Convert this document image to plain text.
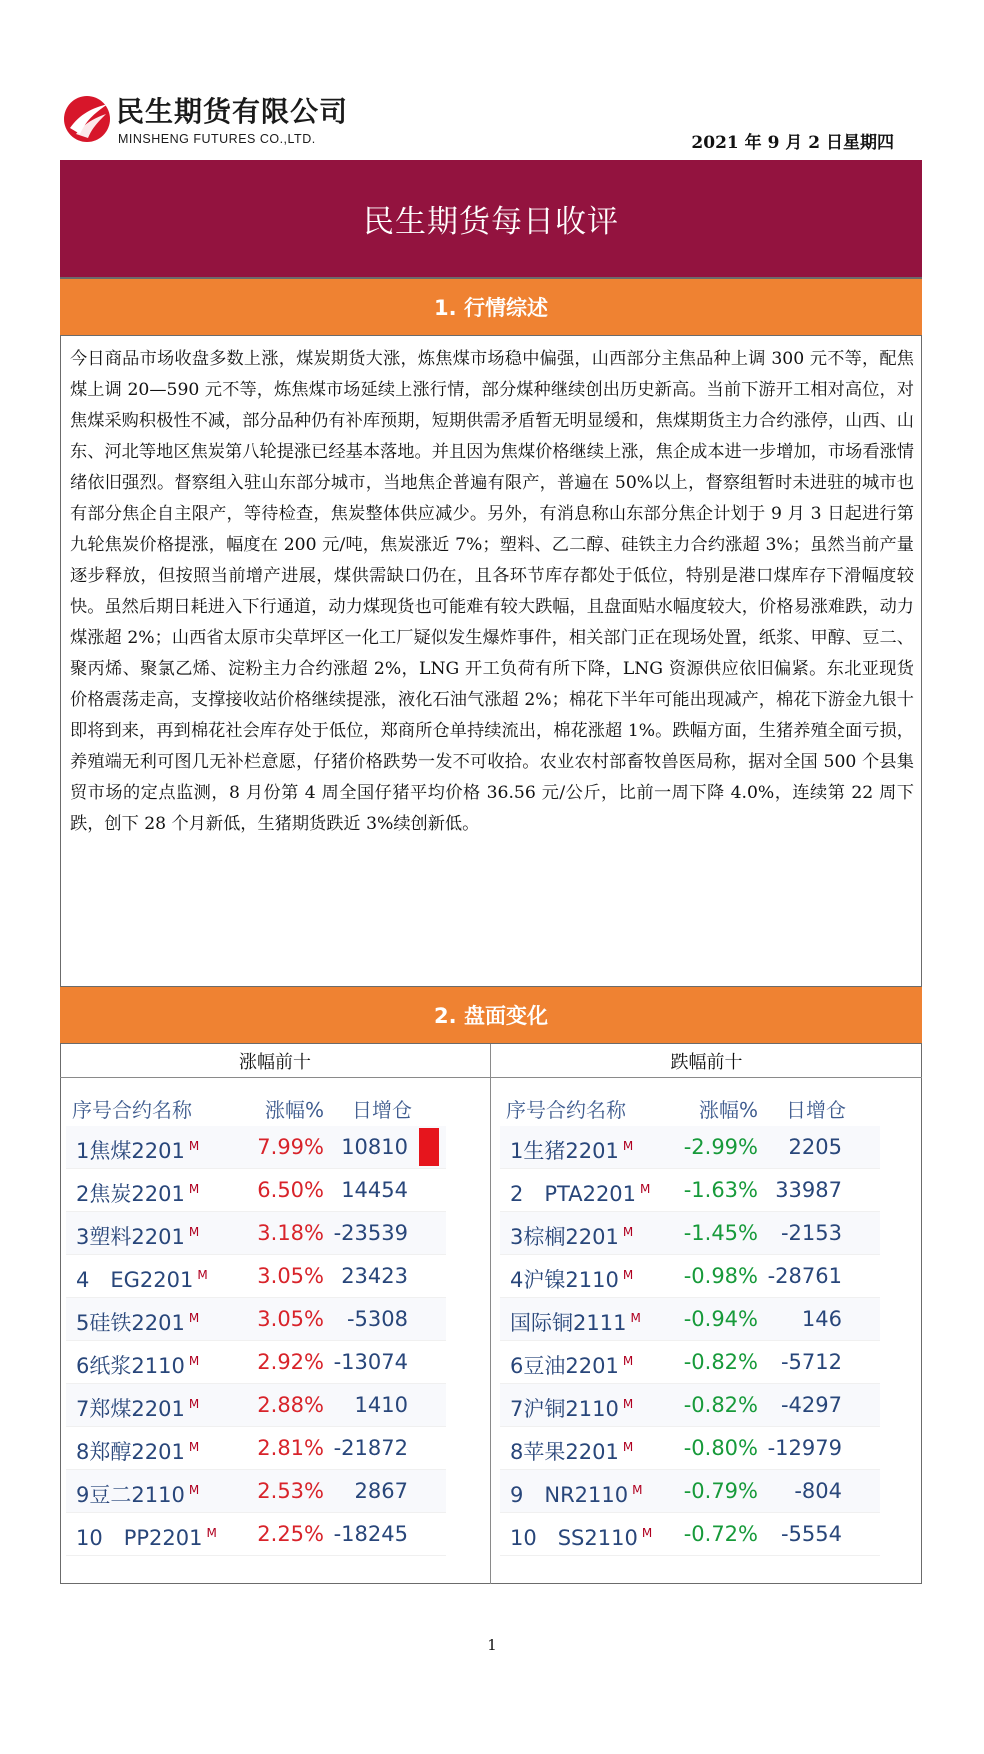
民生期货有限公司
MINSHENG FUTURES CO.,LTD.	2021 年 9 月 2 日星期四
民生期货每日收评
1. 行情综述

今日商品市场收盘多数上涨，煤炭期货大涨，炼焦煤市场稳中偏强，山西部分主焦品种上调 300 元不等，配焦煤上调 20—590 元不等，炼焦煤市场延续上涨行情，部分煤种继续创出历史新高。当前下游开工相对高位，对焦煤采购积极性不减，部分品种仍有补库预期，短期供需矛盾暂无明显缓和，焦煤期货主力合约涨停，山西、山东、河北等地区焦炭第八轮提涨已经基本落地。并且因为焦煤价格继续上涨，焦企成本进一步增加，市场看涨情绪依旧强烈。督察组入驻山东部分城市，当地焦企普遍有限产，普遍在 50%以上，督察组暂时未进驻的城市也有部分焦企自主限产，等待检查，焦炭整体供应减少。另外，有消息称山东部分焦企计划于 9 月 3 日起进行第九轮焦炭价格提涨，幅度在 200 元/吨，焦炭涨近 7%；塑料、乙二醇、硅铁主力合约涨超 3%；虽然当前产量逐步释放，但按照当前增产进展，煤供需缺口仍在，且各环节库存都处于低位，特别是港口煤库存下滑幅度较快。虽然后期日耗进入下行通道，动力煤现货也可能难有较大跌幅，且盘面贴水幅度较大，价格易涨难跌，动力煤涨超 2%；山西省太原市尖草坪区一化工厂疑似发生爆炸事件，相关部门正在现场处置，纸浆、甲醇、豆二、聚丙烯、聚氯乙烯、淀粉主力合约涨超 2%，LNG 开工负荷有所下降，LNG 资源供应依旧偏紧。东北亚现货价格震荡走高，支撑接收站价格继续提涨，液化石油气涨超 2%；棉花下半年可能出现减产，棉花下游金九银十即将到来，再到棉花社会库存处于低位，郑商所仓单持续流出，棉花涨超 1%。跌幅方面，生猪养殖全面亏损，养殖端无利可图几无补栏意愿，仔猪价格跌势一发不可收拾。农业农村部畜牧兽医局称，据对全国 500 个县集贸市场的定点监测，8 月份第 4 周全国仔猪平均价格 36.56 元/公斤，比前一周下降 4.0%，连续第 22 周下跌，创下 28 个月新低，生猪期货跌近 3%续创新低。

2. 盘面变化
涨幅前十	跌幅前十
序号合约名称	涨幅%	日增仓
1焦煤2201 $^M$	7.99% 10810
2焦炭2201 $^M$	6.50% 14454
3塑料2201 $^M$	3.18% -23539
4　EG2201 $^M$	3.05% 23423
5硅铁2201 $^M$	3.05%	-5308
6纸浆2110 $^M$	2.92% -13074
7郑煤2201 $^M$	2.88%	1410
8郑醇2201 $^M$	2.81% -21872
9豆二2110 $^M$	2.53%	2867
10　PP2201 $^M$	2.25% -18245
序号合约名称	涨幅%	日增仓
1生猪2201 $^M$	-2.99%	2205
2　PTA2201 $^M$	-1.63% 33987
3棕榈2201 $^M$	-1.45%	-2153
4沪镍2110 $^M$	-0.98% -28761
国际铜2111 $^M$	-0.94%	146
6豆油2201 $^M$	-0.82%	-5712
7沪铜2110 $^M$	-0.82%	-4297
8苹果2201 $^M$	-0.80% -12979
9　NR2110 $^M$	-0.79%	-804
10　SS2110 $^M$	-0.72%	-5554
1
